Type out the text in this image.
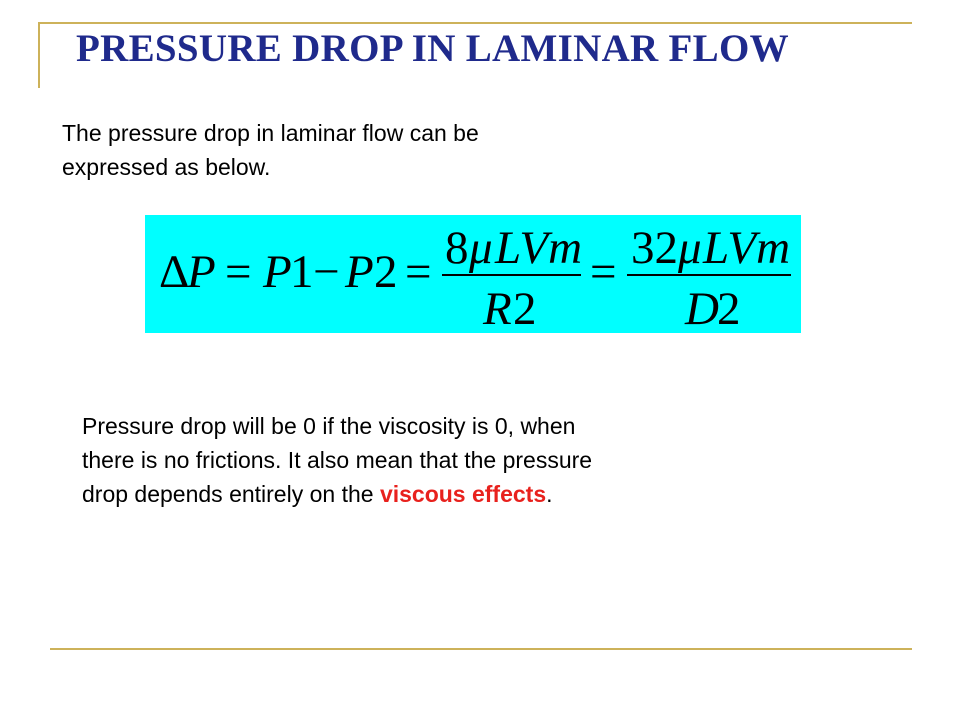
PRESSURE DROP IN LAMINAR FLOW

The pressure drop in laminar flow can be
expressed as below.

Δ
P = P
1 − P 2 = 8 μ LVm
R 2
= 32 μ LVm
D
2

Pressure drop will be 0 if the viscosity is 0, when
there is no frictions. It also mean that the pressure
drop depends entirely on the viscous effects.
